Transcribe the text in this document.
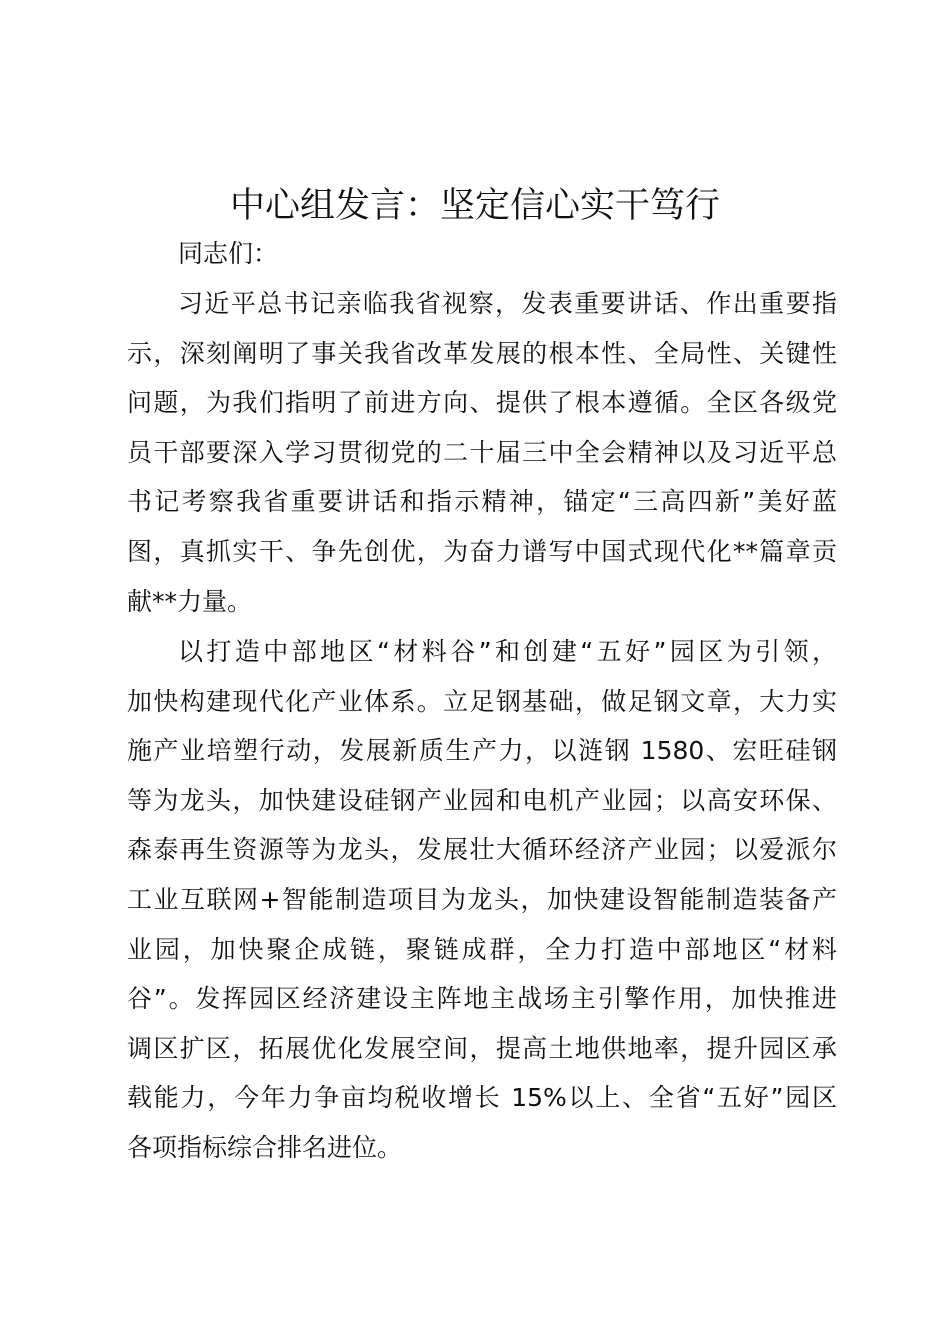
中心组发言：坚定信心实干笃行

同志们：

习近平总书记亲临我省视察，发表重要讲话、作出重要指
示，深刻阐明了事关我省改革发展的根本性、全局性、关键性
问题，为我们指明了前进方向、提供了根本遵循。全区各级党
员干部要深入学习贯彻党的二十届三中全会精神以及习近平总
书记考察我省重要讲话和指示精神，锚定“三高四新”美好蓝
图，真抓实干、争先创优，为奋力谱写中国式现代化**篇章贡
献**力量。
以打造中部地区“材料谷”和创建“五好”园区为引领，
加快构建现代化产业体系。立足钢基础，做足钢文章，大力实
施产业培塑行动，发展新质生产力，以涟钢 1580、宏旺硅钢
等为龙头，加快建设硅钢产业园和电机产业园；以高安环保、
森泰再生资源等为龙头，发展壮大循环经济产业园；以爱派尔
工业互联网+智能制造项目为龙头，加快建设智能制造装备产
业园，加快聚企成链，聚链成群，全力打造中部地区“材料
谷”。发挥园区经济建设主阵地主战场主引擎作用，加快推进
调区扩区，拓展优化发展空间，提高土地供地率，提升园区承
载能力，今年力争亩均税收增长 15%以上、全省“五好”园区
各项指标综合排名进位。
